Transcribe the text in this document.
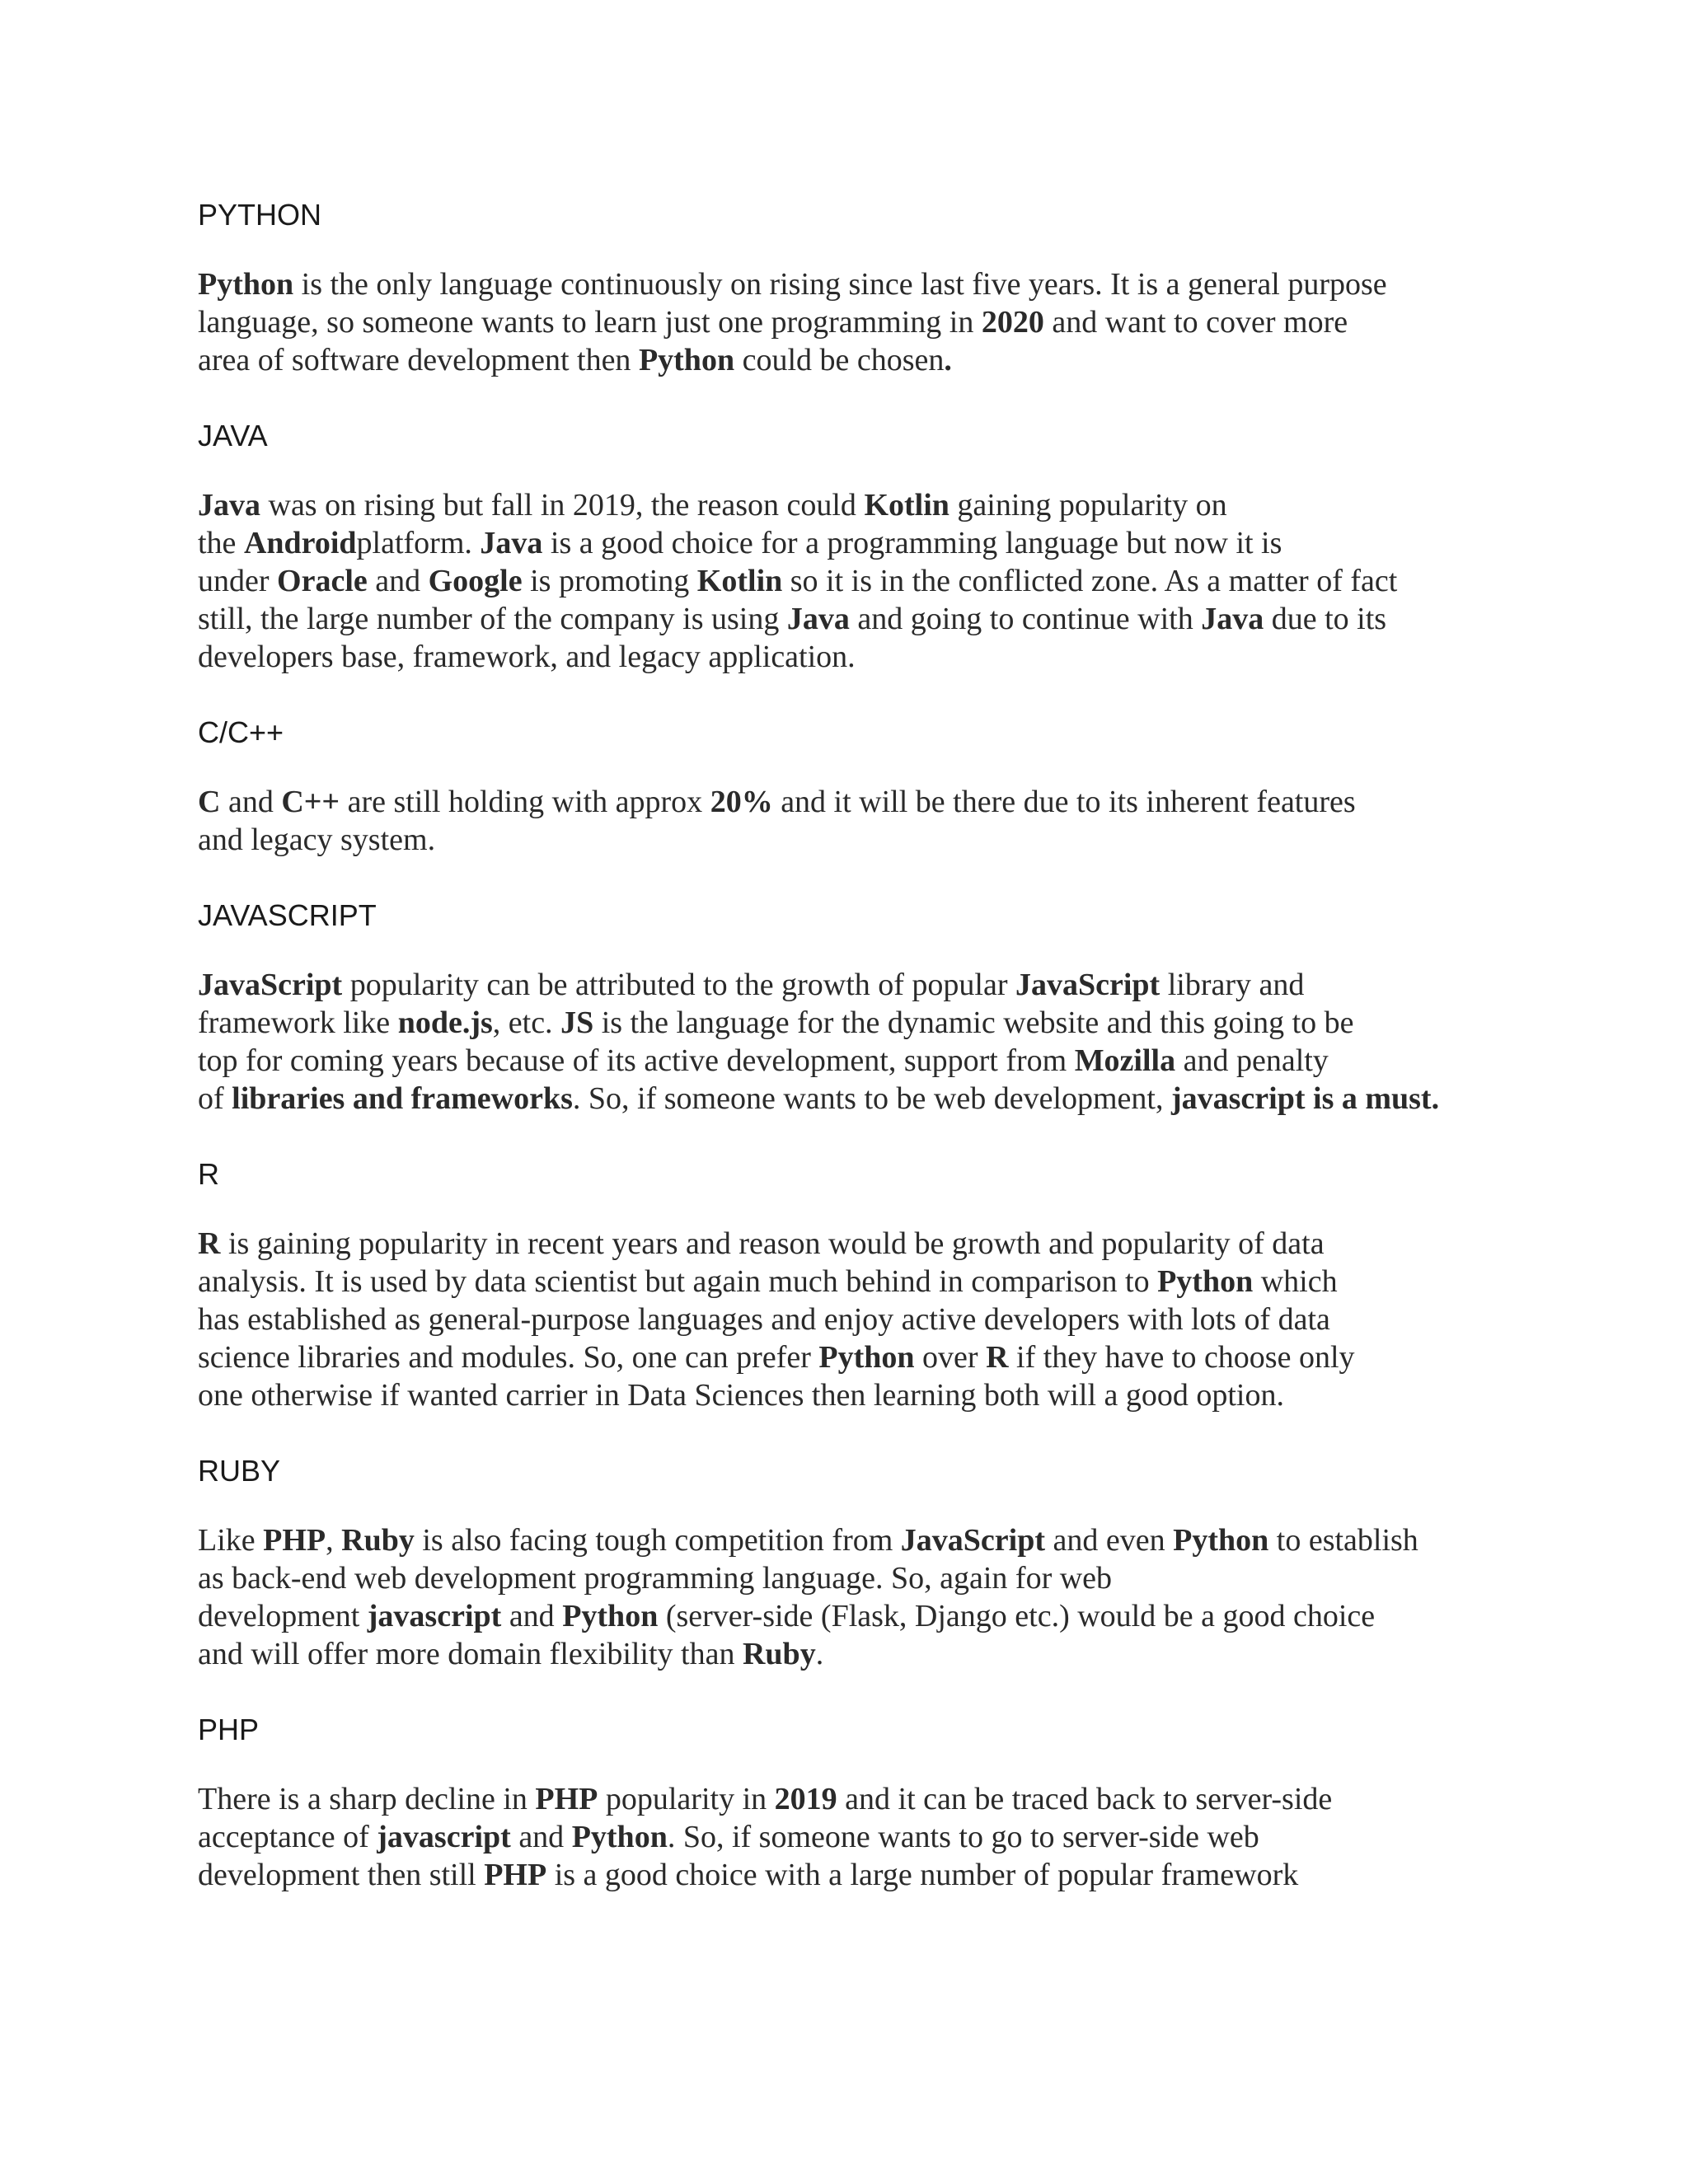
PYTHON
Python is the only language continuously on rising since last five years. It is a general purpose
language, so someone wants to learn just one programming in 2020 and want to cover more
area of software development then Python could be chosen.
JAVA
Java was on rising but fall in 2019, the reason could Kotlin gaining popularity on
the Androidplatform. Java is a good choice for a programming language but now it is
under Oracle and Google is promoting Kotlin so it is in the conflicted zone. As a matter of fact
still, the large number of the company is using Java and going to continue with Java due to its
developers base, framework, and legacy application.
C/C++
C and C++ are still holding with approx 20% and it will be there due to its inherent features
and legacy system.
JAVASCRIPT
JavaScript popularity can be attributed to the growth of popular JavaScript library and
framework like node.js, etc. JS is the language for the dynamic website and this going to be
top for coming years because of its active development, support from Mozilla and penalty
of libraries and frameworks. So, if someone wants to be web development, javascript is a must.
R
R is gaining popularity in recent years and reason would be growth and popularity of data
analysis. It is used by data scientist but again much behind in comparison to Python which
has established as general-purpose languages and enjoy active developers with lots of data
science libraries and modules. So, one can prefer Python over R if they have to choose only
one otherwise if wanted carrier in Data Sciences then learning both will a good option.
RUBY
Like PHP, Ruby is also facing tough competition from JavaScript and even Python to establish
as back-end web development programming language. So, again for web
development javascript and Python (server-side (Flask, Django etc.) would be a good choice
and will offer more domain flexibility than Ruby.
PHP
There is a sharp decline in PHP popularity in 2019 and it can be traced back to server-side
acceptance of javascript and Python. So, if someone wants to go to server-side web
development then still PHP is a good choice with a large number of popular framework
